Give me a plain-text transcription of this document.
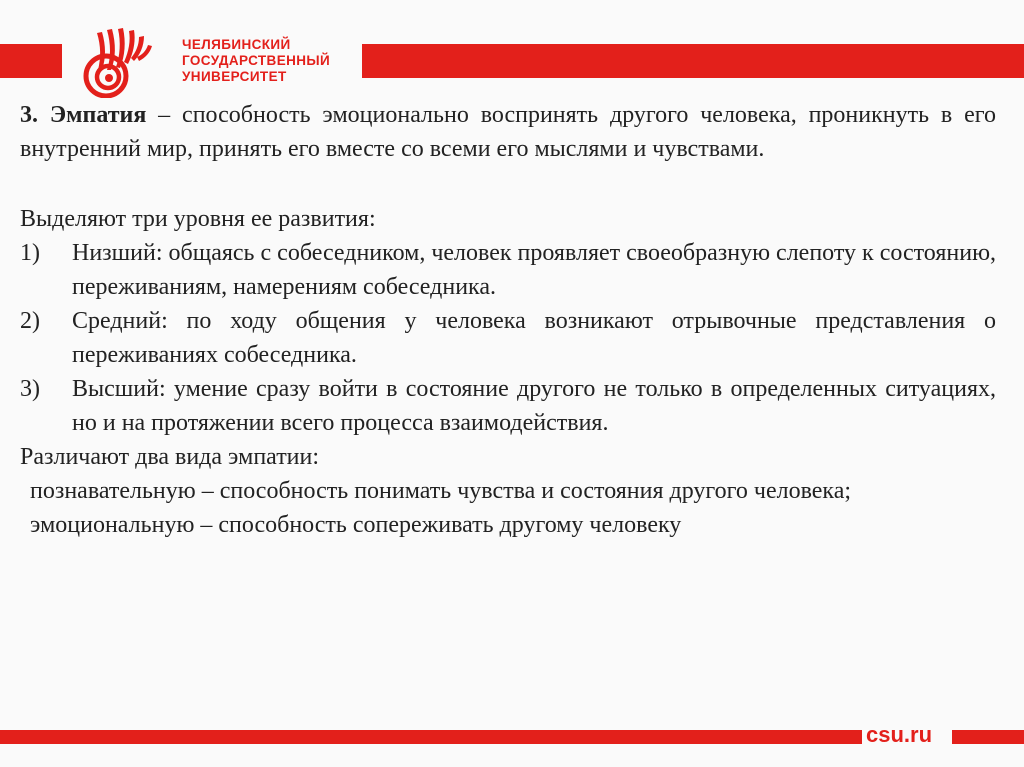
ЧЕЛЯБИНСКИЙ
ГОСУДАРСТВЕННЫЙ
УНИВЕРСИТЕТ

3. Эмпатия – способность эмоционально воспринять другого человека, проникнуть в его внутренний мир, принять его вместе со всеми его мыслями и чувствами.

Выделяют три уровня ее развития:

1) Низший: общаясь с собеседником, человек проявляет своеобразную слепоту к состоянию, переживаниям, намерениям собеседника.
2) Средний: по ходу общения у человека возникают отрывочные представления о переживаниях собеседника.
3) Высший: умение сразу войти в состояние другого не только в определенных ситуациях, но и на протяжении всего процесса взаимодействия.

Различают два вида эмпатии:

познавательную – способность понимать чувства и состояния другого человека;

эмоциональную – способность сопереживать другому человеку

csu.ru
